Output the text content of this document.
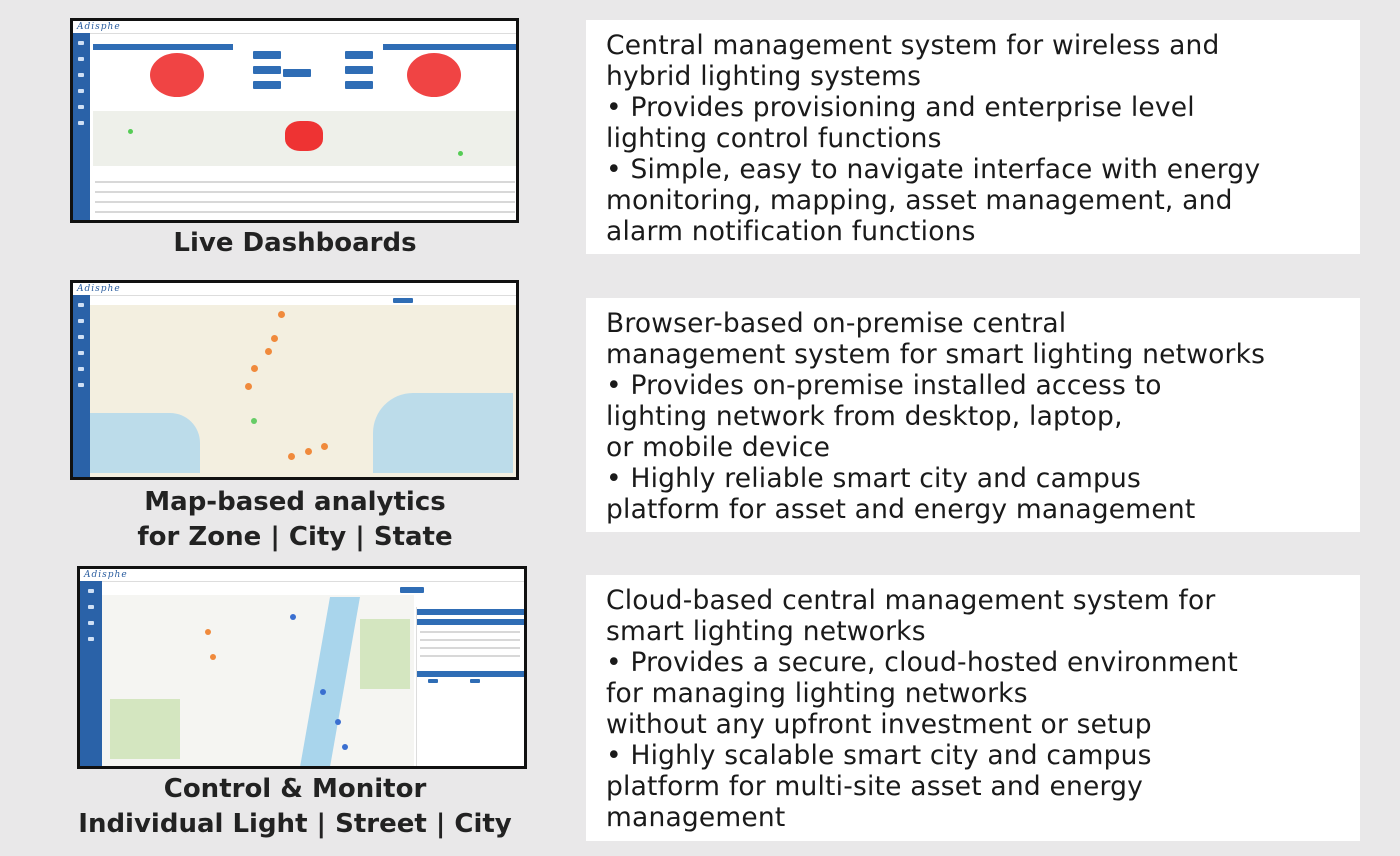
Adisphe
Live Dashboards
Central management system for wireless and
hybrid lighting systems
• Provides provisioning and enterprise level
lighting control functions
• Simple, easy to navigate interface with energy
monitoring, mapping, asset management, and
alarm notification functions
Adisphe
Map-based analytics
for Zone | City | State
Browser-based on-premise central
management system for smart lighting networks
• Provides on-premise installed access to
lighting network from desktop, laptop,
or mobile device
• Highly reliable smart city and campus
platform for asset and energy management
Adisphe
Control & Monitor
Individual Light | Street | City
Cloud-based central management system for
smart lighting networks
• Provides a secure, cloud-hosted environment
for managing lighting networks
without any upfront investment or setup
• Highly scalable smart city and campus
platform for multi-site asset and energy
management
